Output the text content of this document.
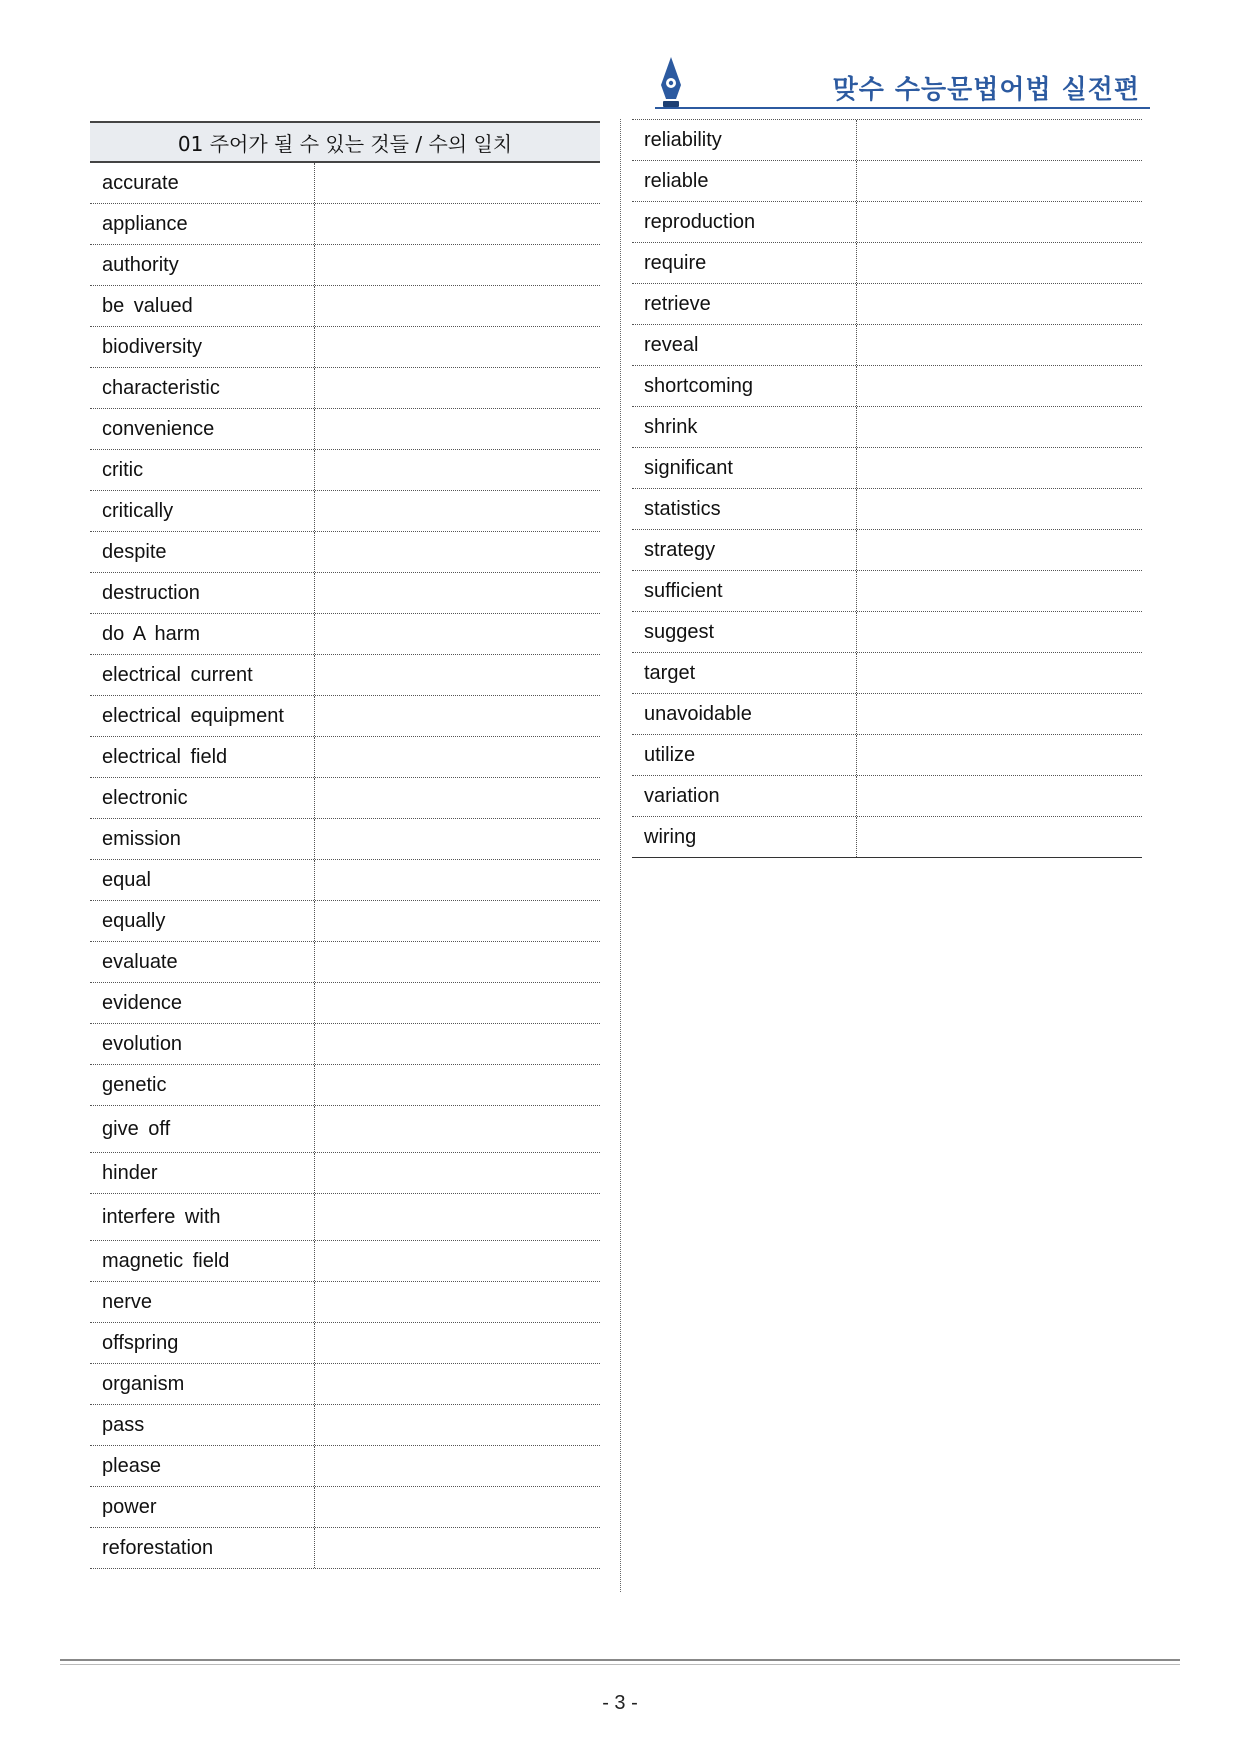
맞수 수능문법어법 실전편
01 주어가 될 수 있는 것들 / 수의 일치
accurate
appliance
authority
be valued
biodiversity
characteristic
convenience
critic
critically
despite
destruction
do A harm
electrical current
electrical equipment
electrical field
electronic
emission
equal
equally
evaluate
evidence
evolution
genetic
give off
hinder
interfere with
magnetic field
nerve
offspring
organism
pass
please
power
reforestation
reliability
reliable
reproduction
require
retrieve
reveal
shortcoming
shrink
significant
statistics
strategy
sufficient
suggest
target
unavoidable
utilize
variation
wiring
- 3 -
